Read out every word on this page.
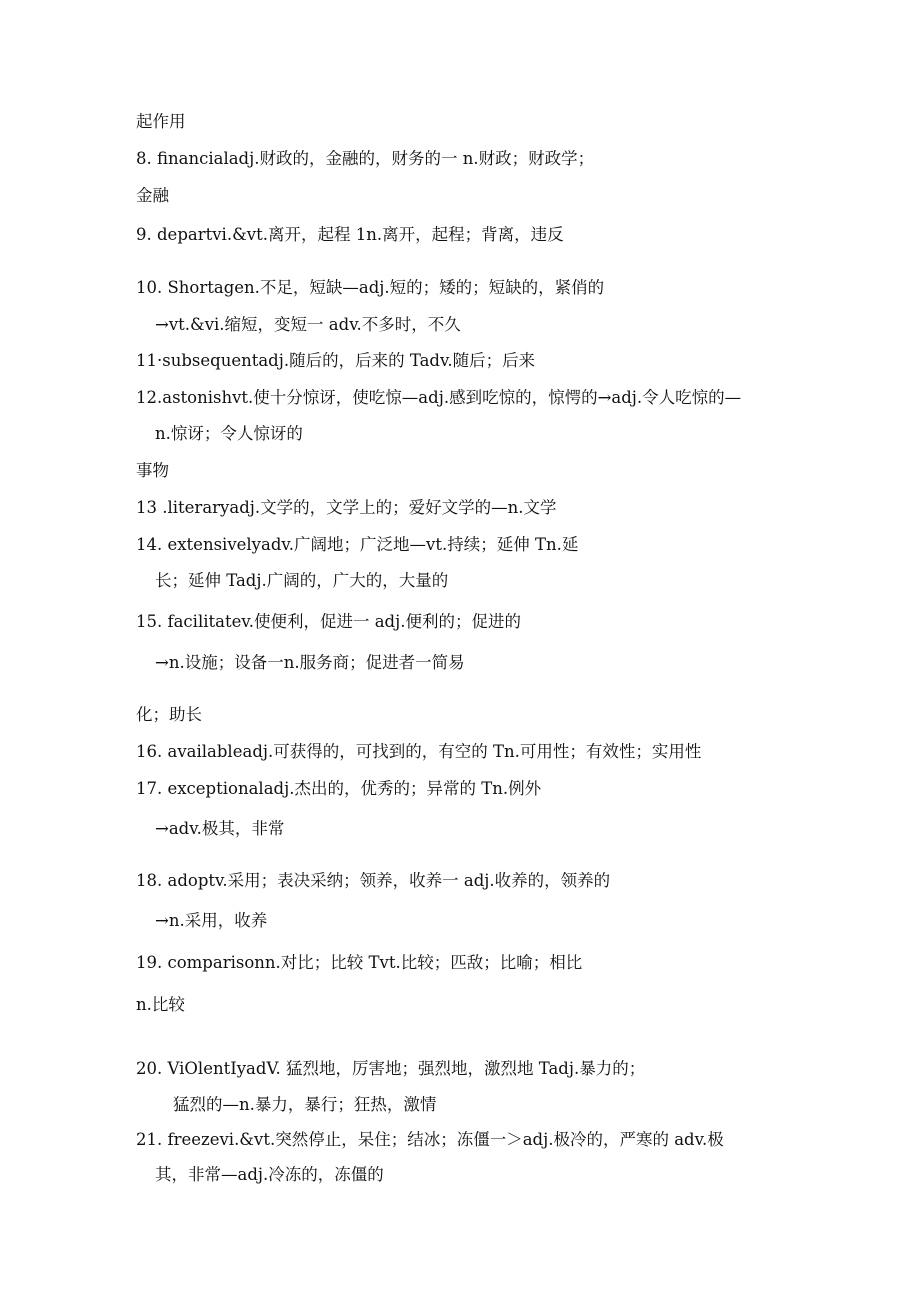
起作用
8. financialadj.财政的，金融的，财务的一 n.财政；财政学；
金融
9. departvi.&vt.离开，起程 1n.离开，起程；背离，违反
10. Shortagen.不足，短缺—adj.短的；矮的；短缺的，紧俏的
→vt.&vi.缩短，变短一 adv.不多时，不久
11·subsequentadj.随后的，后来的 Tadv.随后；后来
12.astonishvt.使十分惊讶，使吃惊—adj.感到吃惊的，惊愕的→adj.令人吃惊的—
n.惊讶；令人惊讶的
事物
13 .literaryadj.文学的，文学上的；爱好文学的—n.文学
14. extensivelyadv.广阔地；广泛地—vt.持续；延伸 Tn.延
长；延伸 Tadj.广阔的，广大的，大量的
15. facilitatev.使便利，促进一 adj.便利的；促进的
→n.设施；设备一n.服务商；促进者一简易
化；助长
16. availableadj.可获得的，可找到的，有空的 Tn.可用性；有效性；实用性
17. exceptionaladj.杰出的，优秀的；异常的 Tn.例外
→adv.极其，非常
18. adoptv.采用；表决采纳；领养，收养一 adj.收养的，领养的
→n.采用，收养
19. comparisonn.对比；比较 Tvt.比较；匹敌；比喻；相比
n.比较
20. ViOlentIyadV. 猛烈地，厉害地；强烈地，激烈地 Tadj.暴力的；
猛烈的—n.暴力，暴行；狂热，激情
21. freezevi.&vt.突然停止，呆住；结冰；冻僵一＞adj.极冷的，严寒的 adv.极
其，非常—adj.冷冻的，冻僵的
